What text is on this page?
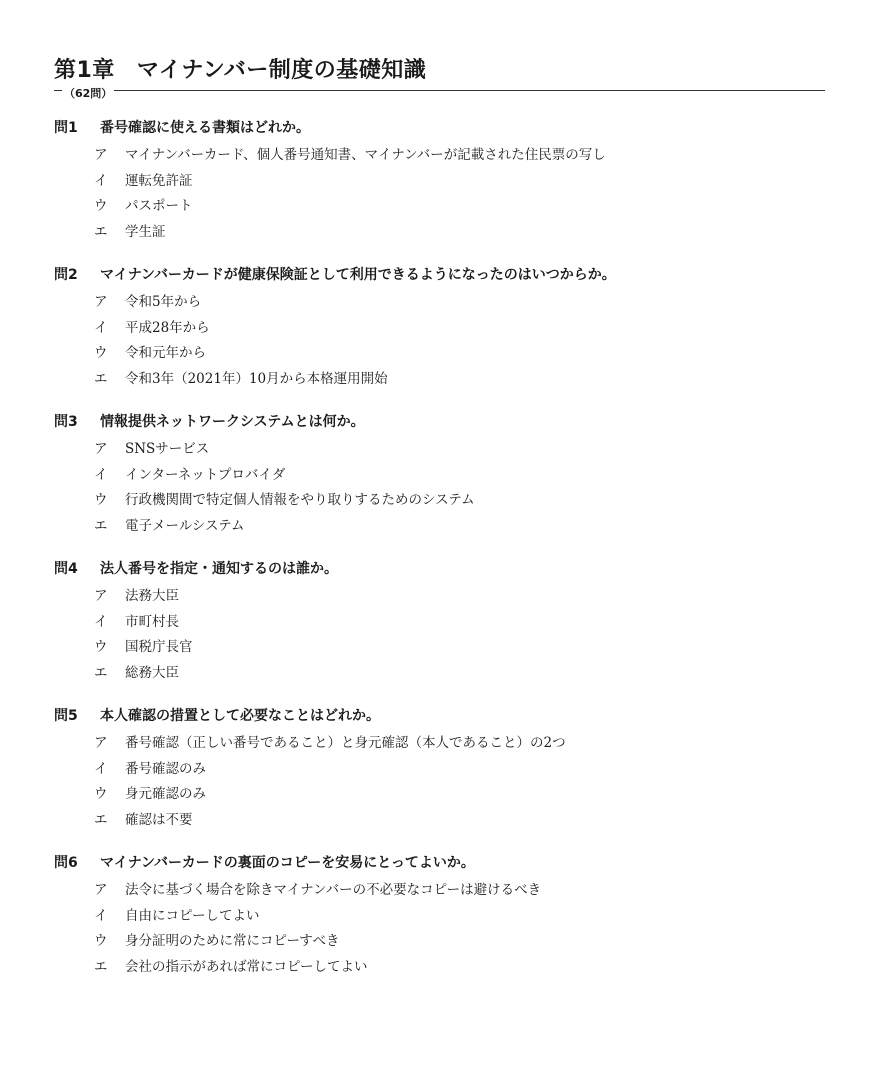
第1章 マイナンバー制度の基礎知識
（62問）
問1 番号確認に使える書類はどれか。
ア マイナンバーカード、個人番号通知書、マイナンバーが記載された住民票の写し
イ 運転免許証
ウ パスポート
エ 学生証
問2 マイナンバーカードが健康保険証として利用できるようになったのはいつからか。
ア 令和5年から
イ 平成28年から
ウ 令和元年から
エ 令和3年（2021年）10月から本格運用開始
問3 情報提供ネットワークシステムとは何か。
ア SNSサービス
イ インターネットプロバイダ
ウ 行政機関間で特定個人情報をやり取りするためのシステム
エ 電子メールシステム
問4 法人番号を指定・通知するのは誰か。
ア 法務大臣
イ 市町村長
ウ 国税庁長官
エ 総務大臣
問5 本人確認の措置として必要なことはどれか。
ア 番号確認（正しい番号であること）と身元確認（本人であること）の2つ
イ 番号確認のみ
ウ 身元確認のみ
エ 確認は不要
問6 マイナンバーカードの裏面のコピーを安易にとってよいか。
ア 法令に基づく場合を除きマイナンバーの不必要なコピーは避けるべき
イ 自由にコピーしてよい
ウ 身分証明のために常にコピーすべき
エ 会社の指示があれば常にコピーしてよい
